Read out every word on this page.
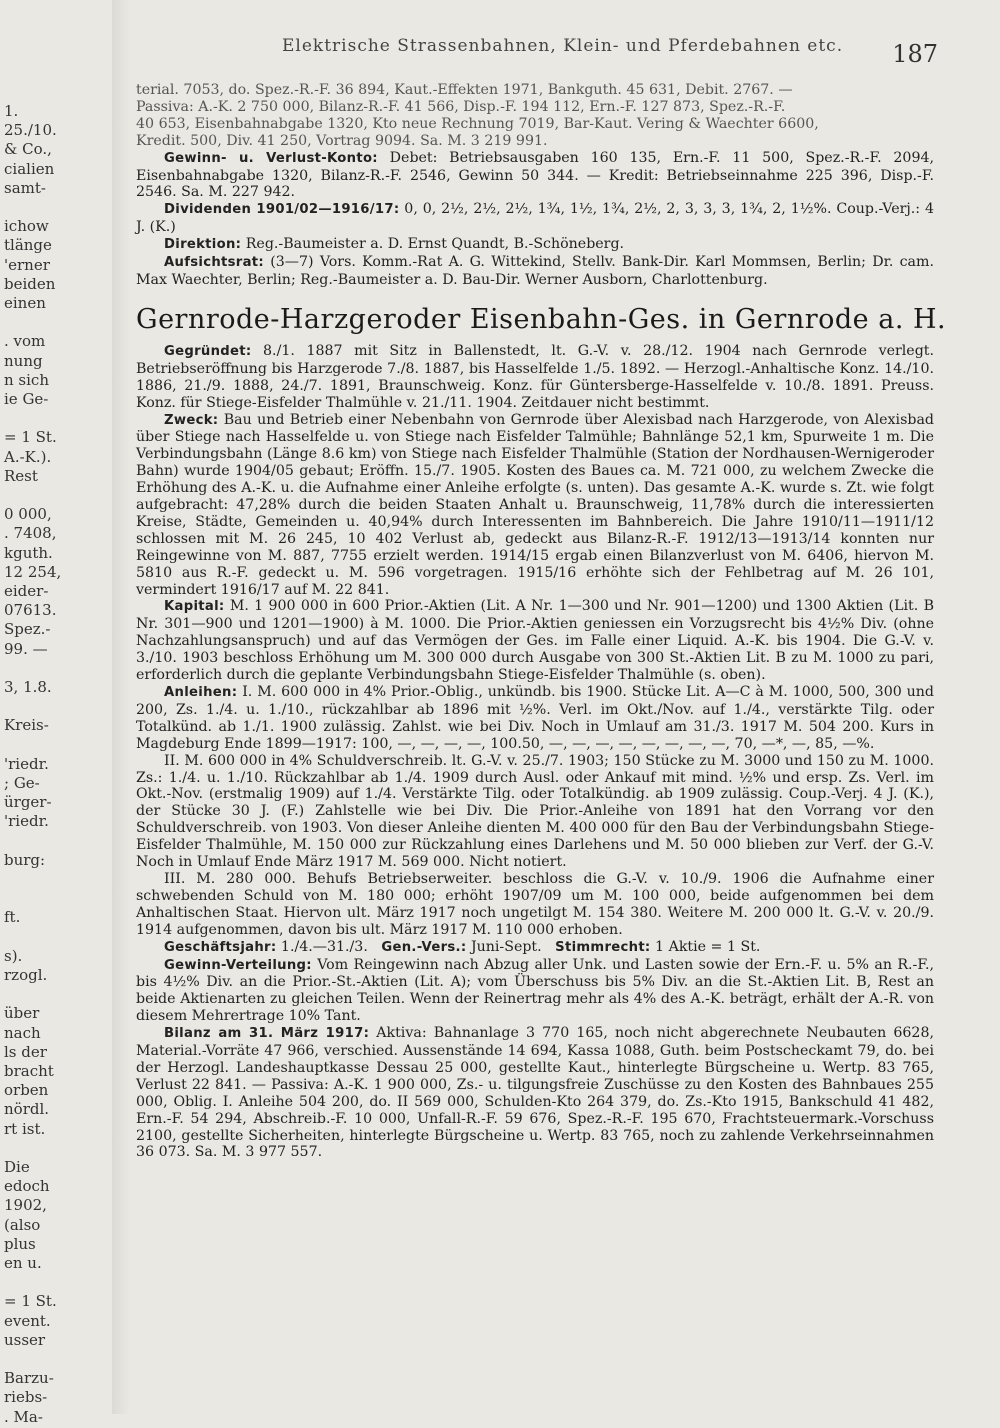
1.
25./10.
& Co.,
cialien
samt-
ichow
tlänge
'erner
beiden
einen
. vom
nung
n sich
ie Ge-
= 1 St.
A.-K.).
Rest
0 000,
. 7408,
kguth.
12 254,
eider-
07613.
Spez.-
99. —
3, 1.8.
Kreis-
'riedr.
; Ge-
ürger-
'riedr.
burg:
ft.
s).
rzogl.
über
nach
ls der
bracht
orben
nördl.
rt ist.
Die
edoch
1902,
(also
plus
en u.
= 1 St.
event.
usser
Barzu-
riebs-
. Ma-
Elektrische Strassenbahnen, Klein- und Pferdebahnen etc.	187

terial. 7053, do. Spez.-R.-F. 36 894, Kaut.-Effekten 1971, Bankguth. 45 631, Debit. 2767. —

Passiva: A.-K. 2 750 000, Bilanz-R.-F. 41 566, Disp.-F. 194 112, Ern.-F. 127 873, Spez.-R.-F.

40 653, Eisenbahnabgabe 1320, Kto neue Rechnung 7019, Bar-Kaut. Vering & Waechter 6600,

Kredit. 500, Div. 41 250, Vortrag 9094. Sa. M. 3 219 991.

Gewinn- u. Verlust-Konto: Debet: Betriebsausgaben 160 135, Ern.-F. 11 500, Spez.-R.-F. 2094, Eisenbahnabgabe 1320, Bilanz-R.-F. 2546, Gewinn 50 344. — Kredit: Betriebseinnahme 225 396, Disp.-F. 2546. Sa. M. 227 942.

Dividenden 1901/02—1916/17: 0, 0, 2½, 2½, 2½, 1¾, 1½, 1¾, 2½, 2, 3, 3, 3, 1¾, 2, 1½%. Coup.-Verj.: 4 J. (K.)

Direktion: Reg.-Baumeister a. D. Ernst Quandt, B.-Schöneberg.

Aufsichtsrat: (3—7) Vors. Komm.-Rat A. G. Wittekind, Stellv. Bank-Dir. Karl Mommsen, Berlin; Dr. cam. Max Waechter, Berlin; Reg.-Baumeister a. D. Bau-Dir. Werner Ausborn, Charlottenburg.

Gernrode-Harzgeroder Eisenbahn-Ges. in Gernrode a. H.

Gegründet: 8./1. 1887 mit Sitz in Ballenstedt, lt. G.-V. v. 28./12. 1904 nach Gernrode verlegt. Betriebseröffnung bis Harzgerode 7./8. 1887, bis Hasselfelde 1./5. 1892. — Herzogl.-Anhaltische Konz. 14./10. 1886, 21./9. 1888, 24./7. 1891, Braunschweig. Konz. für Güntersberge-Hasselfelde v. 10./8. 1891. Preuss. Konz. für Stiege-Eisfelder Thalmühle v. 21./11. 1904. Zeitdauer nicht bestimmt.

Zweck: Bau und Betrieb einer Nebenbahn von Gernrode über Alexisbad nach Harzgerode, von Alexisbad über Stiege nach Hasselfelde u. von Stiege nach Eisfelder Talmühle; Bahnlänge 52,1 km, Spurweite 1 m. Die Verbindungsbahn (Länge 8.6 km) von Stiege nach Eisfelder Thalmühle (Station der Nordhausen-Wernigeroder Bahn) wurde 1904/05 gebaut; Eröffn. 15./7. 1905. Kosten des Baues ca. M. 721 000, zu welchem Zwecke die Erhöhung des A.-K. u. die Aufnahme einer Anleihe erfolgte (s. unten). Das gesamte A.-K. wurde s. Zt. wie folgt aufgebracht: 47,28% durch die beiden Staaten Anhalt u. Braunschweig, 11,78% durch die interessierten Kreise, Städte, Gemeinden u. 40,94% durch Interessenten im Bahnbereich. Die Jahre 1910/11—1911/12 schlossen mit M. 26 245, 10 402 Verlust ab, gedeckt aus Bilanz-R.-F. 1912/13—1913/14 konnten nur Reingewinne von M. 887, 7755 erzielt werden. 1914/15 ergab einen Bilanzverlust von M. 6406, hiervon M. 5810 aus R.-F. gedeckt u. M. 596 vorgetragen. 1915/16 erhöhte sich der Fehlbetrag auf M. 26 101, vermindert 1916/17 auf M. 22 841.

Kapital: M. 1 900 000 in 600 Prior.-Aktien (Lit. A Nr. 1—300 und Nr. 901—1200) und 1300 Aktien (Lit. B Nr. 301—900 und 1201—1900) à M. 1000. Die Prior.-Aktien geniessen ein Vorzugsrecht bis 4½% Div. (ohne Nachzahlungsanspruch) und auf das Vermögen der Ges. im Falle einer Liquid. A.-K. bis 1904. Die G.-V. v. 3./10. 1903 beschloss Erhöhung um M. 300 000 durch Ausgabe von 300 St.-Aktien Lit. B zu M. 1000 zu pari, erforderlich durch die geplante Verbindungsbahn Stiege-Eisfelder Thalmühle (s. oben).

Anleihen: I. M. 600 000 in 4% Prior.-Oblig., unkündb. bis 1900. Stücke Lit. A—C à M. 1000, 500, 300 und 200, Zs. 1./4. u. 1./10., rückzahlbar ab 1896 mit ½%. Verl. im Okt./Nov. auf 1./4., verstärkte Tilg. oder Totalkünd. ab 1./1. 1900 zulässig. Zahlst. wie bei Div. Noch in Umlauf am 31./3. 1917 M. 504 200. Kurs in Magdeburg Ende 1899—1917: 100, —, —, —, —, 100.50, —, —, —, —, —, —, —, —, 70, —*, —, 85, —%.

II. M. 600 000 in 4% Schuldverschreib. lt. G.-V. v. 25./7. 1903; 150 Stücke zu M. 3000 und 150 zu M. 1000. Zs.: 1./4. u. 1./10. Rückzahlbar ab 1./4. 1909 durch Ausl. oder Ankauf mit mind. ½% und ersp. Zs. Verl. im Okt.-Nov. (erstmalig 1909) auf 1./4. Verstärkte Tilg. oder Totalkündig. ab 1909 zulässig. Coup.-Verj. 4 J. (K.), der Stücke 30 J. (F.) Zahlstelle wie bei Div. Die Prior.-Anleihe von 1891 hat den Vorrang vor den Schuldverschreib. von 1903. Von dieser Anleihe dienten M. 400 000 für den Bau der Verbindungsbahn Stiege-Eisfelder Thalmühle, M. 150 000 zur Rückzahlung eines Darlehens und M. 50 000 blieben zur Verf. der G.-V. Noch in Umlauf Ende März 1917 M. 569 000. Nicht notiert.

III. M. 280 000. Behufs Betriebserweiter. beschloss die G.-V. v. 10./9. 1906 die Aufnahme einer schwebenden Schuld von M. 180 000; erhöht 1907/09 um M. 100 000, beide aufgenommen bei dem Anhaltischen Staat. Hiervon ult. März 1917 noch ungetilgt M. 154 380. Weitere M. 200 000 lt. G.-V. v. 20./9. 1914 aufgenommen, davon bis ult. März 1917 M. 110 000 erhoben.

Geschäftsjahr: 1./4.—31./3. Gen.-Vers.: Juni-Sept. Stimmrecht: 1 Aktie = 1 St.

Gewinn-Verteilung: Vom Reingewinn nach Abzug aller Unk. und Lasten sowie der Ern.-F. u. 5% an R.-F., bis 4½% Div. an die Prior.-St.-Aktien (Lit. A); vom Überschuss bis 5% Div. an die St.-Aktien Lit. B, Rest an beide Aktienarten zu gleichen Teilen. Wenn der Reinertrag mehr als 4% des A.-K. beträgt, erhält der A.-R. von diesem Mehrertrage 10% Tant.

Bilanz am 31. März 1917: Aktiva: Bahnanlage 3 770 165, noch nicht abgerechnete Neubauten 6628, Material.-Vorräte 47 966, verschied. Aussenstände 14 694, Kassa 1088, Guth. beim Postscheckamt 79, do. bei der Herzogl. Landeshauptkasse Dessau 25 000, gestellte Kaut., hinterlegte Bürgscheine u. Wertp. 83 765, Verlust 22 841. — Passiva: A.-K. 1 900 000, Zs.- u. tilgungsfreie Zuschüsse zu den Kosten des Bahnbaues 255 000, Oblig. I. Anleihe 504 200, do. II 569 000, Schulden-Kto 264 379, do. Zs.-Kto 1915, Bankschuld 41 482, Ern.-F. 54 294, Abschreib.-F. 10 000, Unfall-R.-F. 59 676, Spez.-R.-F. 195 670, Frachtsteuermark.-Vorschuss 2100, gestellte Sicherheiten, hinterlegte Bürgscheine u. Wertp. 83 765, noch zu zahlende Verkehrseinnahmen 36 073. Sa. M. 3 977 557.
